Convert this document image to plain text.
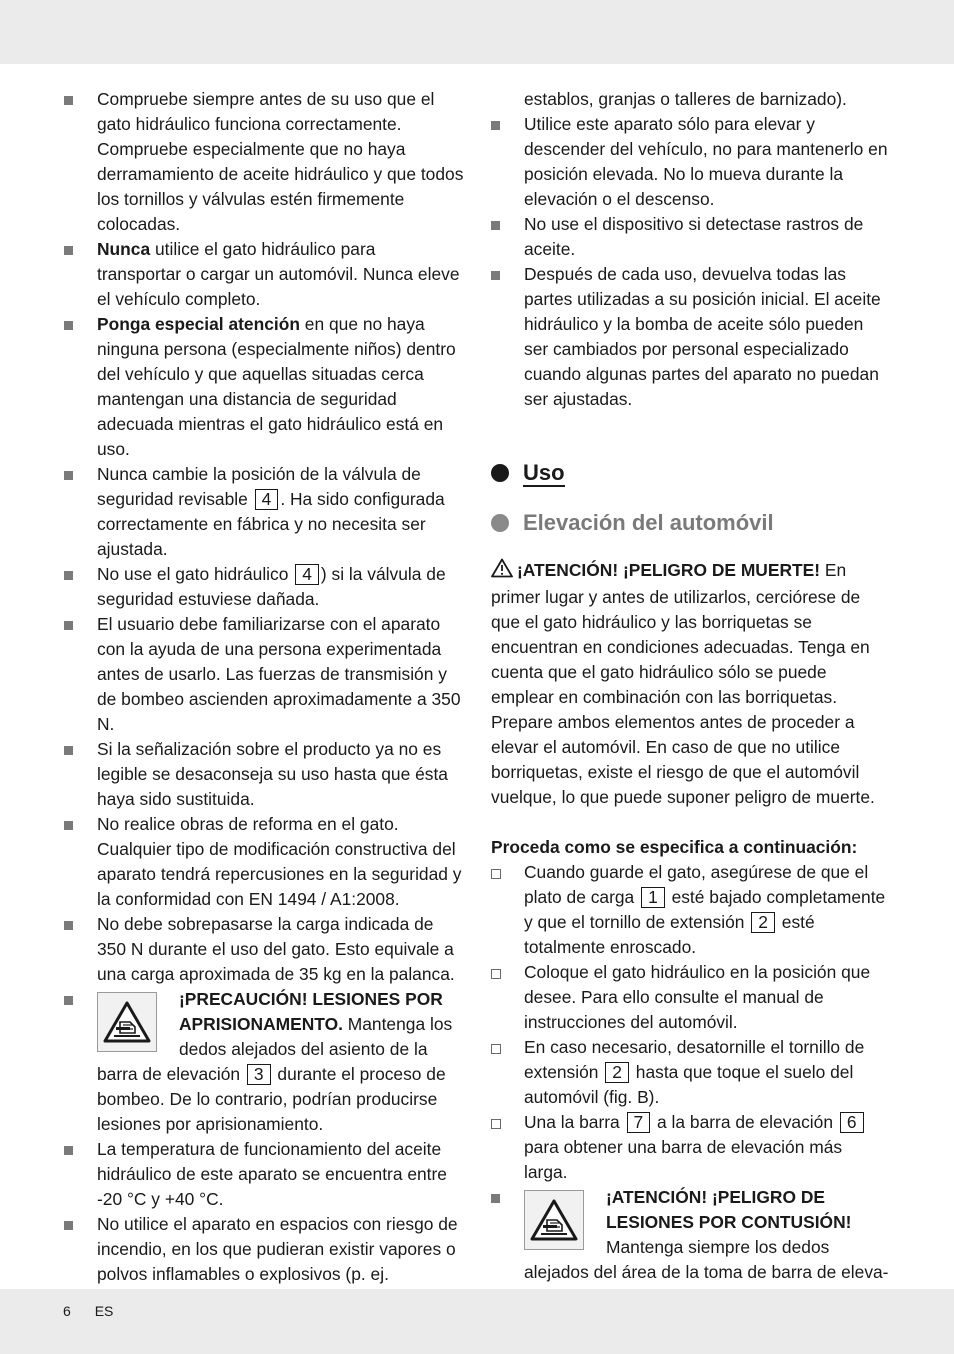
Compruebe siempre antes de su uso que el gato hidráulico funciona correctamente. Compruebe especialmente que no haya derramamiento de aceite hidráulico y que todos los tornillos y válvulas estén firmemente colocadas.
Nunca utilice el gato hidráulico para transportar o cargar un automóvil. Nunca eleve el vehículo completo.
Ponga especial atención en que no haya ninguna persona (especialmente niños) dentro del vehículo y que aquellas situadas cerca mantengan una distancia de seguridad adecuada mientras el gato hidráulico está en uso.
Nunca cambie la posición de la válvula de seguridad revisable 4 . Ha sido configurada correctamente en fábrica y no necesita ser ajustada.
No use el gato hidráulico 4 ) si la válvula de seguridad estuviese dañada.
El usuario debe familiarizarse con el aparato con la ayuda de una persona experimentada antes de usarlo. Las fuerzas de transmisión y de bombeo ascienden aproximadamente a 350 N.
Si la señalización sobre el producto ya no es legible se desaconseja su uso hasta que ésta haya sido sustituida.
No realice obras de reforma en el gato. Cualquier tipo de modificación constructiva del aparato tendrá repercusiones en la seguridad y la conformidad con EN 1494 / A1:2008.
No debe sobrepasarse la carga indicada de 350 N durante el uso del gato. Esto equivale a una carga aproximada de 35 kg en la palanca.
¡PRECAUCIÓN! LESIONES POR APRISIONAMENTO. Mantenga los dedos alejados del asiento de la barra de elevación 3 durante el proceso de bombeo. De lo contrario, podrían producirse lesiones por aprisionamiento.
La temperatura de funcionamiento del aceite hidráulico de este aparato se encuentra entre -20 °C y +40 °C.
No utilice el aparato en espacios con riesgo de incendio, en los que pudieran existir vapores o polvos inflamables o explosivos (p. ej.
establos, granjas o talleres de barnizado).
Utilice este aparato sólo para elevar y descender del vehículo, no para mantenerlo en posición elevada. No lo mueva durante la elevación o el descenso.
No use el dispositivo si detectase rastros de aceite.
Después de cada uso, devuelva todas las partes utilizadas a su posición inicial. El aceite hidráulico y la bomba de aceite sólo pueden ser cambiados por personal especializado cuando algunas partes del aparato no puedan ser ajustadas.
Uso
Elevación del automóvil

¡ATENCIÓN! ¡PELIGRO DE MUERTE! En primer lugar y antes de utilizarlos, cerciórese de que el gato hidráulico y las borriquetas se encuentran en condiciones adecuadas. Tenga en cuenta que el gato hidráulico sólo se puede emplear en combinación con las borriquetas. Prepare ambos elementos antes de proceder a elevar el automóvil. En caso de que no utilice borriquetas, existe el riesgo de que el automóvil vuelque, lo que puede suponer peligro de muerte.

Proceda como se especifica a continuación:

Cuando guarde el gato, asegúrese de que el plato de carga 1 esté bajado completamente y que el tornillo de extensión 2 esté totalmente enroscado.
Coloque el gato hidráulico en la posición que desee. Para ello consulte el manual de instrucciones del automóvil.
En caso necesario, desatornille el tornillo de extensión 2 hasta que toque el suelo del automóvil (fig. B).
Una la barra 7 a la barra de elevación 6 para obtener una barra de elevación más larga.
¡ATENCIÓN! ¡PELIGRO DE LESIONES POR CONTUSIÓN! Mantenga siempre los dedos alejados del área de la toma de barra de eleva-
6 ES
